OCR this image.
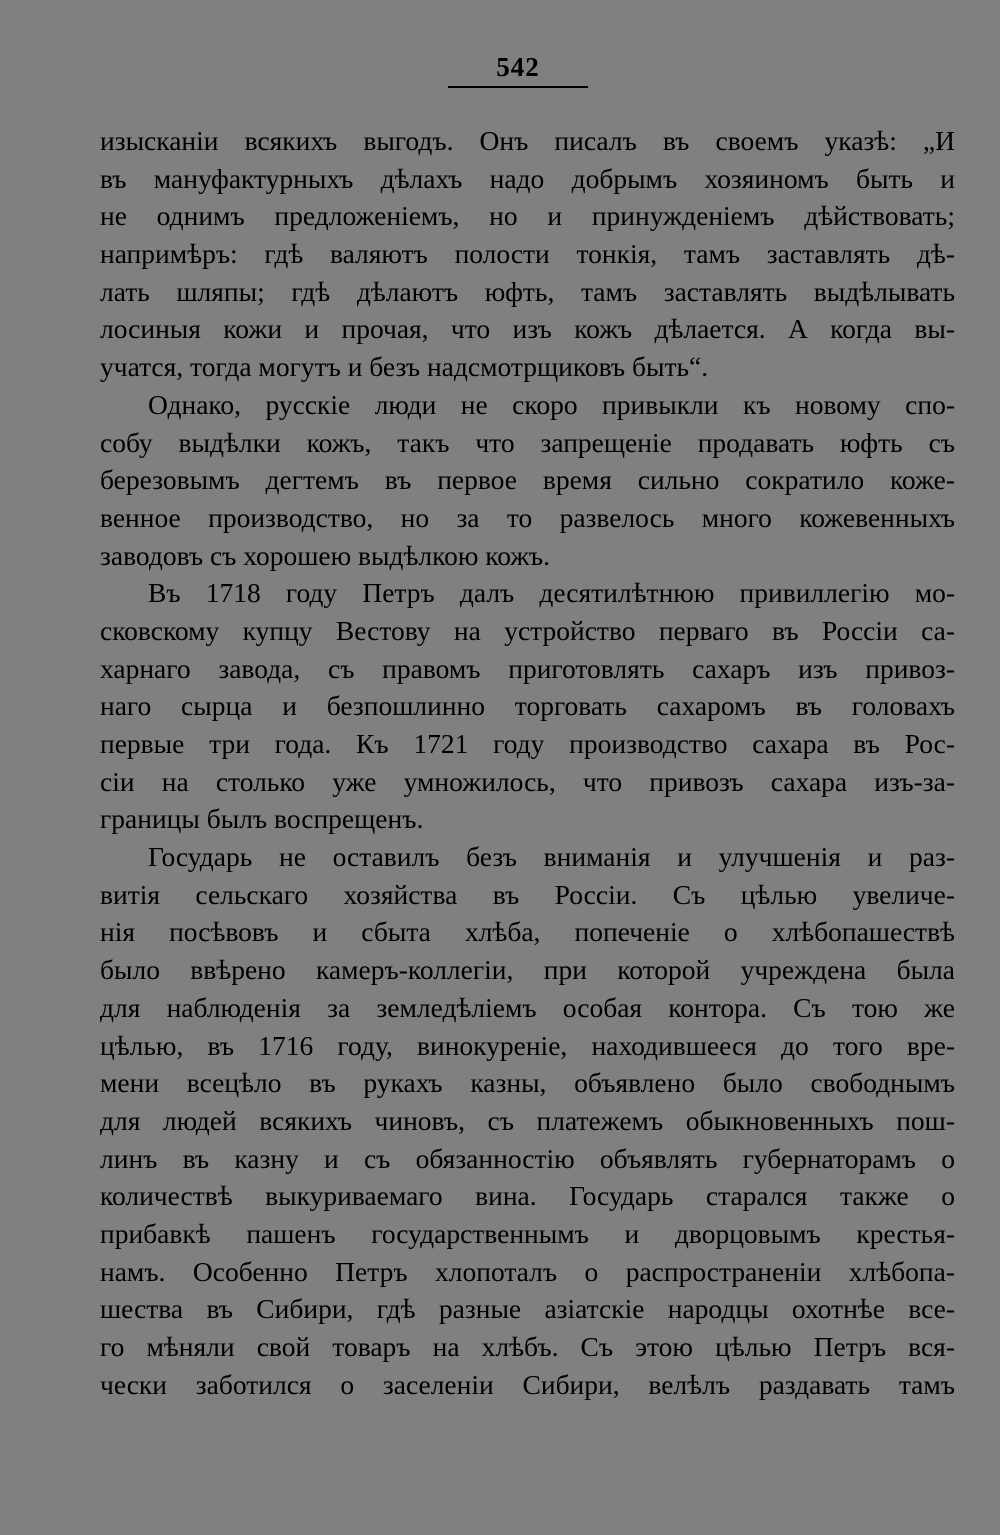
542
изысканіи всякихъ выгодъ. Онъ писалъ въ своемъ указѣ: „И
въ мануфактурныхъ дѣлахъ надо добрымъ хозяиномъ быть и
не однимъ предложеніемъ, но и принужденіемъ дѣйствовать;
напримѣръ: гдѣ валяютъ полости тонкія, тамъ заставлять дѣ-
лать шляпы; гдѣ дѣлаютъ юфть, тамъ заставлять выдѣлывать
лосиныя кожи и прочая, что изъ кожъ дѣлается. А когда вы-
учатся, тогда могутъ и безъ надсмотрщиковъ быть“.
Однако, русскіе люди не скоро привыкли къ новому спо-
собу выдѣлки кожъ, такъ что запрещеніе продавать юфть съ
березовымъ дегтемъ въ первое время сильно сократило коже-
венное производство, но за то развелось много кожевенныхъ
заводовъ съ хорошею выдѣлкою кожъ.
Въ 1718 году Петръ далъ десятилѣтнюю привиллегію мо-
сковскому купцу Вестову на устройство перваго въ Россіи са-
харнаго завода, съ правомъ приготовлять сахаръ изъ привоз-
наго сырца и безпошлинно торговать сахаромъ въ головахъ
первые три года. Къ 1721 году производство сахара въ Рос-
сіи на столько уже умножилось, что привозъ сахара изъ-за-
границы былъ воспрещенъ.
Государь не оставилъ безъ вниманія и улучшенія и раз-
витія сельскаго хозяйства въ Россіи. Съ цѣлью увеличе-
нія посѣвовъ и сбыта хлѣба, попеченіе о хлѣбопашествѣ
было ввѣрено камеръ-коллегіи, при которой учреждена была
для наблюденія за земледѣліемъ особая контора. Съ тою же
цѣлью, въ 1716 году, винокуреніе, находившееся до того вре-
мени всецѣло въ рукахъ казны, объявлено было свободнымъ
для людей всякихъ чиновъ, съ платежемъ обыкновенныхъ пош-
линъ въ казну и съ обязанностію объявлять губернаторамъ о
количествѣ выкуриваемаго вина. Государь старался также о
прибавкѣ пашенъ государственнымъ и дворцовымъ крестья-
намъ. Особенно Петръ хлопоталъ о распространеніи хлѣбопа-
шества въ Сибири, гдѣ разные азіатскіе народцы охотнѣе все-
го мѣняли свой товаръ на хлѣбъ. Съ этою цѣлью Петръ вся-
чески заботился о заселеніи Сибири, велѣлъ раздавать тамъ
